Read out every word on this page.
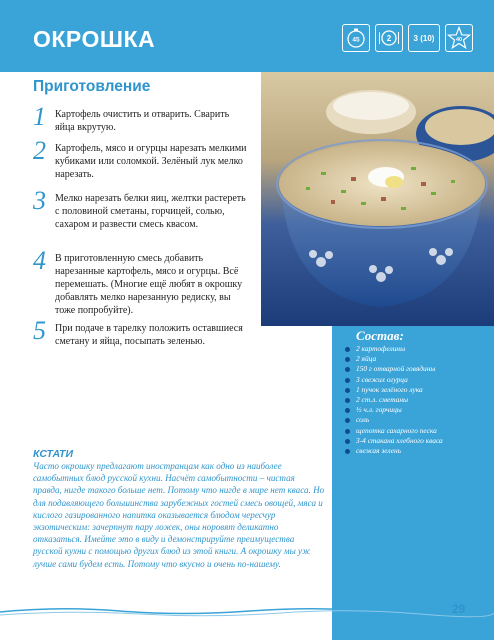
ОКРОШКА	45	2	3 (10)	40
Приготовление
1 Картофель очистить и отварить. Сварить яйца вкрутую.
2 Картофель, мясо и огурцы нарезать мелкими кубиками или соломкой. Зелёный лук мелко нарезать.
3 Мелко нарезать белки яиц, желтки растереть с половиной сметаны, горчицей, солью, сахаром и развести смесь квасом.
4 В приготовленную смесь добавить нарезанные картофель, мясо и огурцы. Всё перемешать. (Многие ещё любят в окрошку добавлять мелко нарезанную редиску, вы тоже попробуйте).
5 При подаче в тарелку положить оставшиеся сметану и яйца, посыпать зеленью.	Состав:
2 картофелины
2 яйца
150 г отварной говядины
3 свежих огурца
1 пучок зелёного лука
2 ст.л. сметаны
½ ч.л. горчицы
соль
щепотка сахарного песка
3-4 стакана хлебного кваса
свежая зелень
КСТАТИ
Часто окрошку предлагают иностранцам как одно из наиболее самобытных блюд русской кухни. Насчёт самобытности – чистая правда, нигде такого больше нет. Потому что нигде в мире нет кваса. Но для подавляющего большинства зарубежных гостей смесь овощей, мяса и кислого газированного напитка оказывается блюдом чересчур экзотическим: зачерпнут пару ложек, оны норовят деликатно отказаться. Имейте это в виду и демонстрируйте преимущества русской кухни с помощью других блюд из этой книги. А окрошку мы уж лучше сами будем есть. Потому что вкусно и очень по-нашему.
29
